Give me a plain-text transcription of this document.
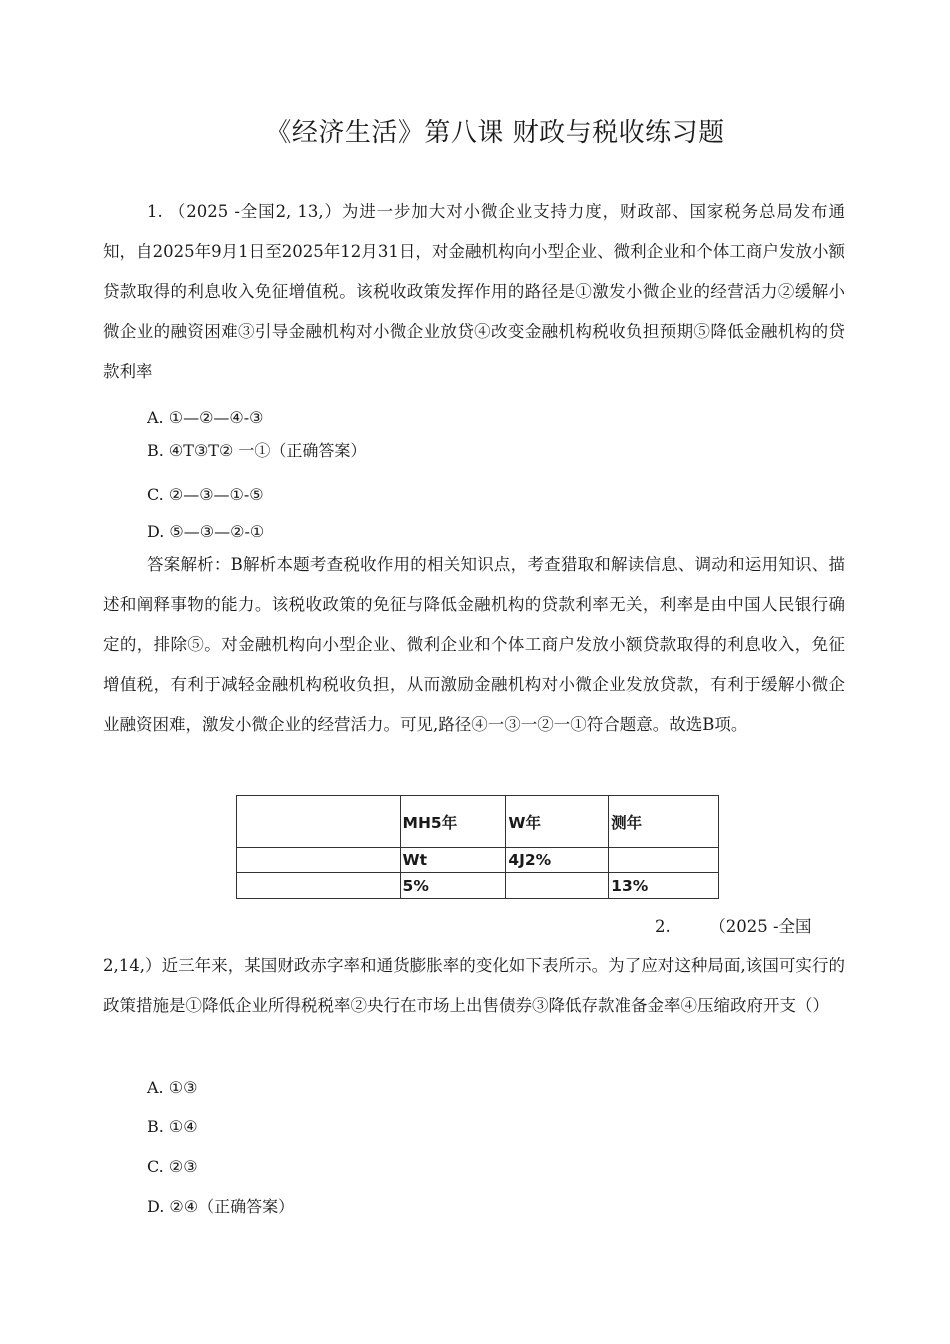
《经济生活》第八课 财政与税收练习题

1. （2025 -全国2, 13,）为进一步加大对小微企业支持力度，财政部、国家税务总局发布通知，自2025年9月1日至2025年12月31日，对金融机构向小型企业、微利企业和个体工商户发放小额贷款取得的利息收入免征增值税。该税收政策发挥作用的路径是①激发小微企业的经营活力②缓解小微企业的融资困难③引导金融机构对小微企业放贷④改变金融机构税收负担预期⑤降低金融机构的贷款利率

A. ①—②—④-③
B. ④T③T② 一①（正确答案）
C. ②—③—①-⑤
D. ⑤—③—②-①

答案解析：B解析本题考查税收作用的相关知识点，考查猎取和解读信息、调动和运用知识、描述和阐释事物的能力。该税收政策的免征与降低金融机构的贷款利率无关，利率是由中国人民银行确定的，排除⑤。对金融机构向小型企业、微利企业和个体工商户发放小额贷款取得的利息收入，免征增值税，有利于减轻金融机构税收负担，从而激励金融机构对小微企业发放贷款，有利于缓解小微企业融资困难，激发小微企业的经营活力。可见,路径④一③一②一①符合题意。故选B项。

	MH5年	W年	测年
	Wt	4J2%	
	5%		13%
2. （2025 -全国

2,14,）近三年来，某国财政赤字率和通货膨胀率的变化如下表所示。为了应对这种局面,该国可实行的政策措施是①降低企业所得税税率②央行在市场上出售债券③降低存款准备金率④压缩政府开支（）

A. ①③
B. ①④
C. ②③
D. ②④（正确答案）
